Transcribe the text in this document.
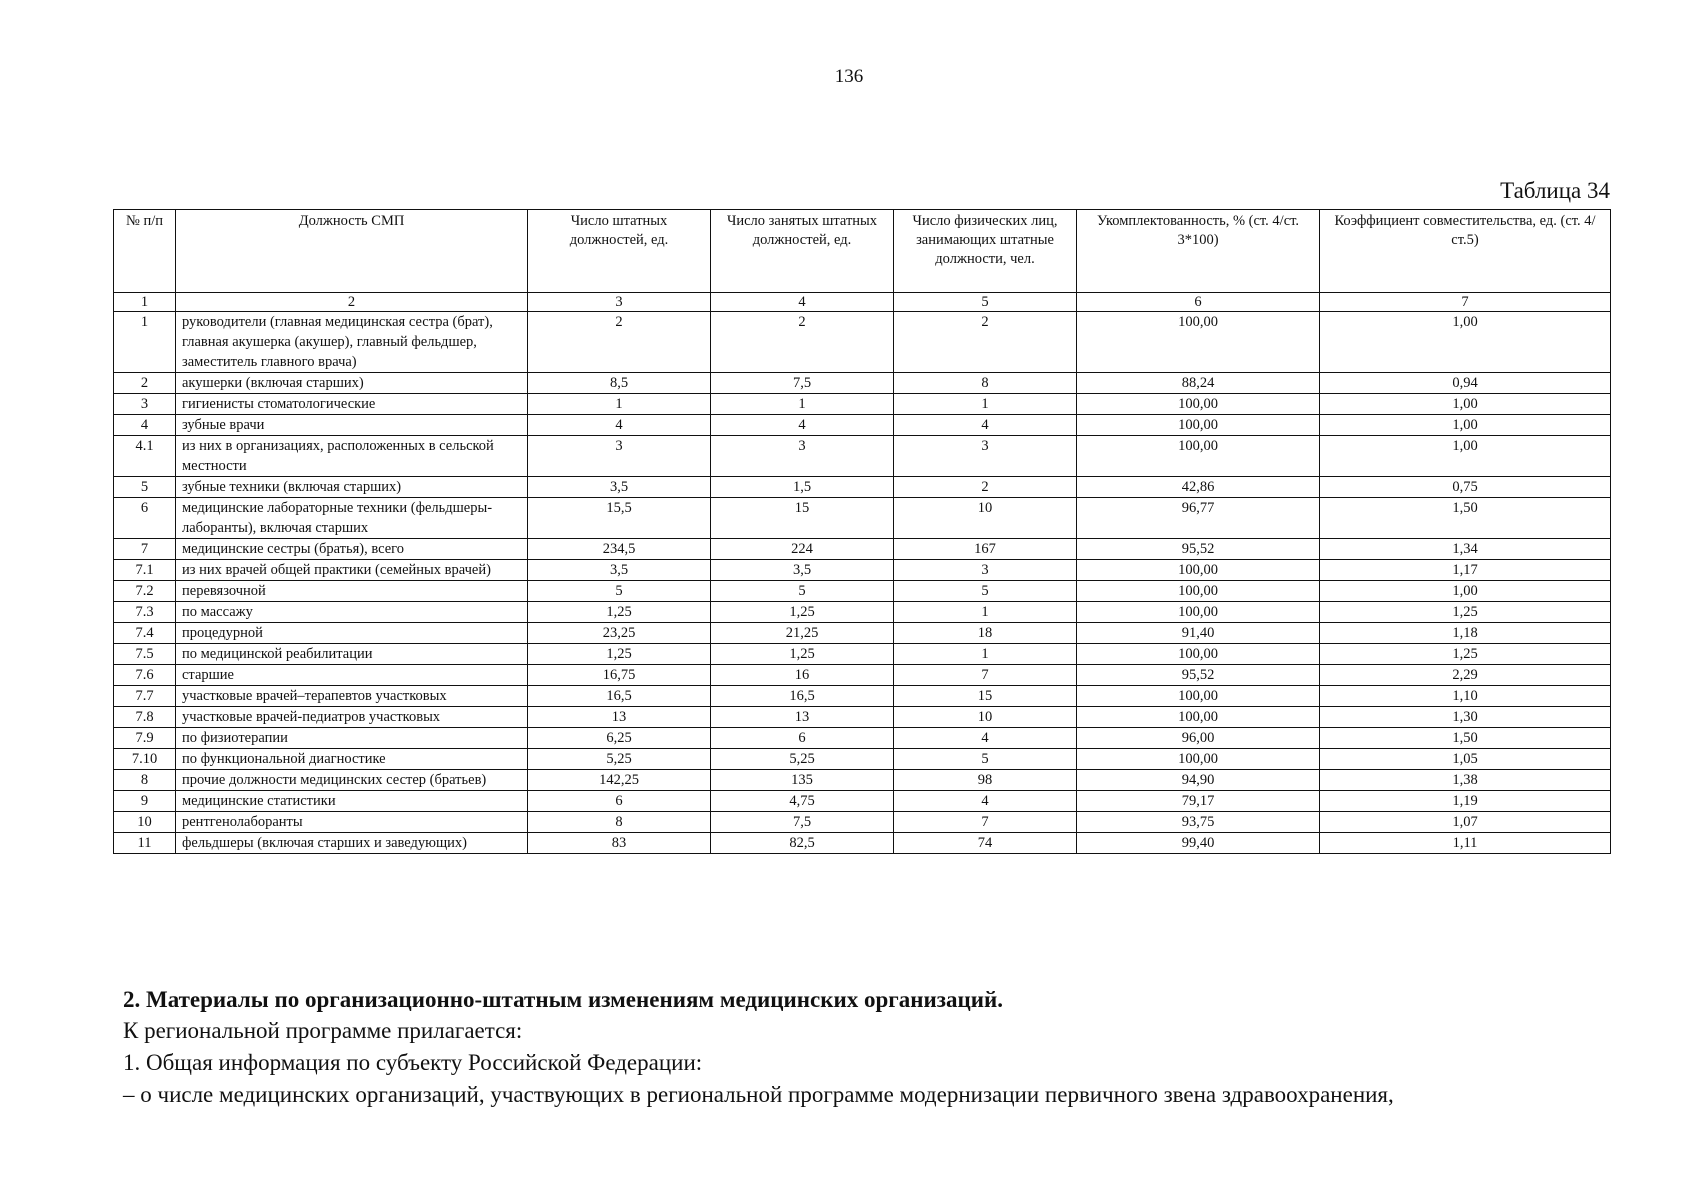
136
Таблица 34
№ п/п	Должность СМП	Число штатных должностей, ед.	Число занятых штатных должностей, ед.	Число физических лиц, занимающих штатные должности, чел.	Укомплектованность, % (ст. 4/ст. 3*100)	Коэффициент совместительства, ед. (ст. 4/ст.5)
1	2	3	4	5	6	7
1	руководители (главная медицинская сестра (брат), главная акушерка (акушер), главный фельдшер, заместитель главного врача)	2	2	2	100,00	1,00
2	акушерки (включая старших)	8,5	7,5	8	88,24	0,94
3	гигиенисты стоматологические	1	1	1	100,00	1,00
4	зубные врачи	4	4	4	100,00	1,00
4.1	из них в организациях, расположенных в сельской местности	3	3	3	100,00	1,00
5	зубные техники (включая старших)	3,5	1,5	2	42,86	0,75
6	медицинские лабораторные техники (фельдшеры-лаборанты), включая старших	15,5	15	10	96,77	1,50
7	медицинские сестры (братья), всего	234,5	224	167	95,52	1,34
7.1	из них врачей общей практики (семейных врачей)	3,5	3,5	3	100,00	1,17
7.2	перевязочной	5	5	5	100,00	1,00
7.3	по массажу	1,25	1,25	1	100,00	1,25
7.4	процедурной	23,25	21,25	18	91,40	1,18
7.5	по медицинской реабилитации	1,25	1,25	1	100,00	1,25
7.6	старшие	16,75	16	7	95,52	2,29
7.7	участковые врачей–терапевтов участковых	16,5	16,5	15	100,00	1,10
7.8	участковые врачей-педиатров участковых	13	13	10	100,00	1,30
7.9	по физиотерапии	6,25	6	4	96,00	1,50
7.10	по функциональной диагностике	5,25	5,25	5	100,00	1,05
8	прочие должности медицинских сестер (братьев)	142,25	135	98	94,90	1,38
9	медицинские статистики	6	4,75	4	79,17	1,19
10	рентгенолаборанты	8	7,5	7	93,75	1,07
11	фельдшеры (включая старших и заведующих)	83	82,5	74	99,40	1,11
2. Материалы по организационно-штатным изменениям медицинских организаций.
К региональной программе прилагается:
1. Общая информация по субъекту Российской Федерации:
– о числе медицинских организаций, участвующих в региональной программе модернизации первичного звена здравоохранения,
